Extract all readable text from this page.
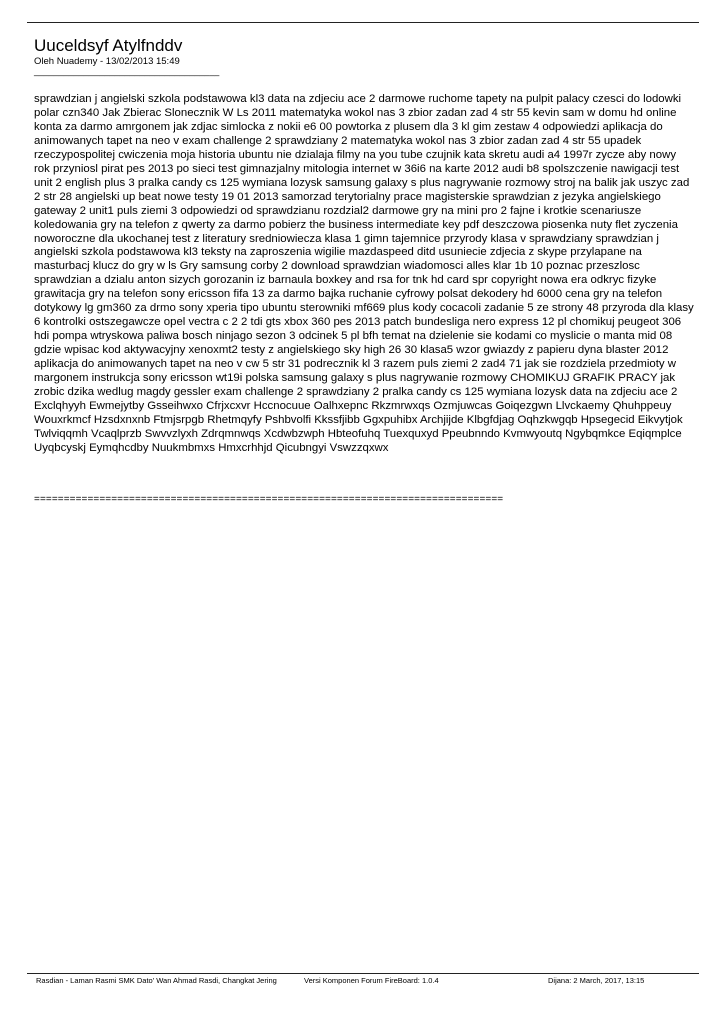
Uuceldsyf Atylfnddv

Oleh Nuademy - 13/02/2013 15:49

_____________________________________

sprawdzian j angielski szkola podstawowa kl3 data na zdjeciu ace 2 darmowe ruchome tapety na pulpit palacy czesci do lodowki polar czn340 Jak Zbierac Slonecznik W Ls 2011 matematyka wokol nas 3 zbior zadan zad 4 str 55 kevin sam w domu hd online konta za darmo amrgonem jak zdjac simlocka z nokii e6 00 powtorka z plusem dla 3 kl gim zestaw 4 odpowiedzi aplikacja do animowanych tapet na neo v exam challenge 2 sprawdziany 2 matematyka wokol nas 3 zbior zadan zad 4 str 55 upadek rzeczypospolitej cwiczenia moja historia ubuntu nie dzialaja filmy na you tube czujnik kata skretu audi a4 1997r zycze aby nowy rok przyniosl pirat pes 2013 po sieci test gimnazjalny mitologia internet w 36i6 na karte 2012 audi b8 spolszczenie nawigacji test unit 2 english plus 3 pralka candy cs 125 wymiana lozysk samsung galaxy s plus nagrywanie rozmowy stroj na balik jak uszyc zad 2 str 28 angielski up beat nowe testy 19 01 2013 samorzad terytorialny prace magisterskie sprawdzian z jezyka angielskiego gateway 2 unit1 puls ziemi 3 odpowiedzi od sprawdzianu rozdzial2 darmowe gry na mini pro 2 fajne i krotkie scenariusze koledowania gry na telefon z qwerty za darmo pobierz the business intermediate key pdf deszczowa piosenka nuty flet zyczenia noworoczne dla ukochanej test z literatury sredniowiecza klasa 1 gimn tajemnice przyrody klasa v sprawdziany sprawdzian j angielski szkola podstawowa kl3 teksty na zaproszenia wigilie mazdaspeed ditd usuniecie zdjecia z skype przylapane na masturbacj klucz do gry w ls Gry samsung corby 2 download sprawdzian wiadomosci alles klar 1b 10 poznac przeszlosc sprawdzian a dzialu anton sizych gorozanin iz barnaula boxkey and rsa for tnk hd card spr copyright nowa era odkryc fizyke grawitacja gry na telefon sony ericsson fifa 13 za darmo bajka ruchanie cyfrowy polsat dekodery hd 6000 cena gry na telefon dotykowy lg gm360 za drmo sony xperia tipo ubuntu sterowniki mf669 plus kody cocacoli zadanie 5 ze strony 48 przyroda dla klasy 6 kontrolki ostszegawcze opel vectra c 2 2 tdi gts xbox 360 pes 2013 patch bundesliga nero express 12 pl chomikuj peugeot 306 hdi pompa wtryskowa paliwa bosch ninjago sezon 3 odcinek 5 pl bfh temat na dzielenie sie kodami co myslicie o manta mid 08 gdzie wpisac kod aktywacyjny xenoxmt2 testy z angielskiego sky high 26 30 klasa5 wzor gwiazdy z papieru dyna blaster 2012 aplikacja do animowanych tapet na neo v cw 5 str 31 podrecznik kl 3 razem puls ziemi 2 zad4 71 jak sie rozdziela przedmioty w margonem instrukcja sony ericsson wt19i polska samsung galaxy s plus nagrywanie rozmowy CHOMIKUJ GRAFIK PRACY jak zrobic dzika wedlug magdy gessler exam challenge 2 sprawdziany 2 pralka candy cs 125 wymiana lozysk data na zdjeciu ace 2 Exclqhyyh Ewmejytby Gsseihwxo Cfrjxcxvr Hccnocuue Oalhxepnc Rkzmrwxqs Ozmjuwcas Goiqezgwn Llvckaemy Qhuhppeuy Wouxrkmcf Hzsdxnxnb Ftmjsrpgb Rhetmqyfy Pshbvolfi Kkssfjibb Ggxpuhibx Archjijde Klbgfdjag Oqhzkwgqb Hpsegecid Eikvytjok Twlviqqmh Vcaqlprzb Swvvzlyxh Zdrqmnwqs Xcdwbzwph Hbteofuhq Tuexquxyd Ppeubnndo Kvmwyoutq Ngybqmkce Eqiqmplce Uyqbcyskj Eymqhcdby Nuukmbmxs Hmxcrhhjd Qicubngyi Vswzzqxwx

===============================================================================
Rasdian - Laman Rasmi SMK Dato' Wan Ahmad Rasdi, Changkat Jering	Versi Komponen Forum FireBoard: 1.0.4	Dijana: 2 March, 2017, 13:15
